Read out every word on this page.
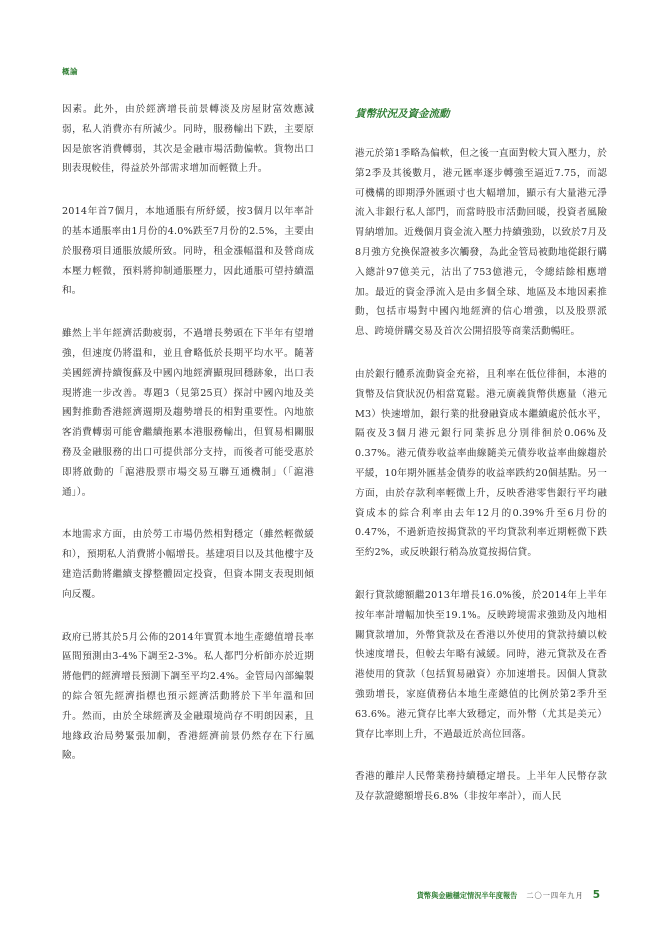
概論

因素。此外，由於經濟增長前景轉淡及房屋財富效應減弱，私人消費亦有所減少。同時，服務輸出下跌，主要原因是旅客消費轉弱，其次是金融市場活動偏軟。貨物出口則表現較佳，得益於外部需求增加而輕微上升。

2014年首7個月，本地通脹有所紓緩，按3個月以年率計的基本通脹率由1月份的4.0%跌至7月份的2.5%，主要由於服務項目通脹放緩所致。同時，租金漲幅溫和及營商成本壓力輕微，預料將抑制通脹壓力，因此通脹可望持續溫和。

雖然上半年經濟活動疲弱，不過增長勢頭在下半年有望增強，但速度仍將溫和，並且會略低於長期平均水平。隨著美國經濟持續復蘇及中國內地經濟顯現回穩跡象，出口表現將進一步改善。專題3（見第25頁）探討中國內地及美國對推動香港經濟週期及趨勢增長的相對重要性。內地旅客消費轉弱可能會繼續拖累本港服務輸出，但貿易相關服務及金融服務的出口可提供部分支持，而後者可能受惠於即將啟動的「滬港股票市場交易互聯互通機制」（「滬港通」）。

本地需求方面，由於勞工市場仍然相對穩定（雖然輕微緩和），預期私人消費將小幅增長。基建項目以及其他樓宇及建造活動將繼續支撐整體固定投資，但資本開支表現則傾向反覆。

政府已將其於5月公佈的2014年實質本地生產總值增長率區間預測由3-4%下調至2-3%。私人都門分析師亦於近期將他們的經濟增長預測下調至平均2.4%。金管局內部編製的綜合領先經濟指標也預示經濟活動將於下半年溫和回升。然而，由於全球經濟及金融環境尚存不明朗因素，且地緣政治局勢緊張加劇，香港經濟前景仍然存在下行風險。

貨幣狀況及資金流動

港元於第1季略為偏軟，但之後一直面對較大買入壓力，於第2季及其後數月，港元匯率逐步轉強至逼近7.75，而認可機構的即期淨外匯頭寸也大幅增加，顯示有大量港元淨流入非銀行私人部門，而當時股市活動回暖，投資者風險胃納增加。近幾個月資金流入壓力持續強勁，以致於7月及8月強方兌換保證被多次觸發，為此金管局被動地從銀行購入總計97億美元，沽出了753億港元，令總結餘相應增加。最近的資金淨流入是由多個全球、地區及本地因素推動，包括市場對中國內地經濟的信心增強，以及股票派息、跨境併購交易及首次公開招股等商業活動暢旺。

由於銀行體系流動資金充裕，且利率在低位徘徊，本港的貨幣及信貸狀況仍相當寬鬆。港元廣義貨幣供應量（港元M3）快速增加，銀行業的批發融資成本繼續處於低水平，隔夜及3個月港元銀行同業拆息分別徘徊於0.06%及0.37%。港元債券收益率曲線隨美元債券收益率曲線趨於平緩，10年期外匯基金債券的收益率跌約20個基點。另一方面，由於存款利率輕微上升，反映香港零售銀行平均融資成本的綜合利率由去年12月的0.39%升至6月份的0.47%，不過新造按揭貸款的平均貸款利率近期輕微下跌至約2%，或反映銀行稍為放寬按揭信貸。

銀行貸款總額繼2013年增長16.0%後，於2014年上半年按年率計增幅加快至19.1%。反映跨境需求強勁及內地相關貸款增加，外幣貸款及在香港以外使用的貸款持續以較快速度增長，但較去年略有減緩。同時，港元貸款及在香港使用的貸款（包括貿易融資）亦加速增長。因個人貸款強勁增長，家庭債務佔本地生產總值的比例於第2季升至63.6%。港元貸存比率大致穩定，而外幣（尤其是美元）貸存比率則上升，不過最近於高位回落。

香港的離岸人民幣業務持續穩定增長。上半年人民幣存款及存款證總額增長6.8%（非按年率計），而人民

貨幣與金融穩定情況半年度報告 二〇一四年九月 5
